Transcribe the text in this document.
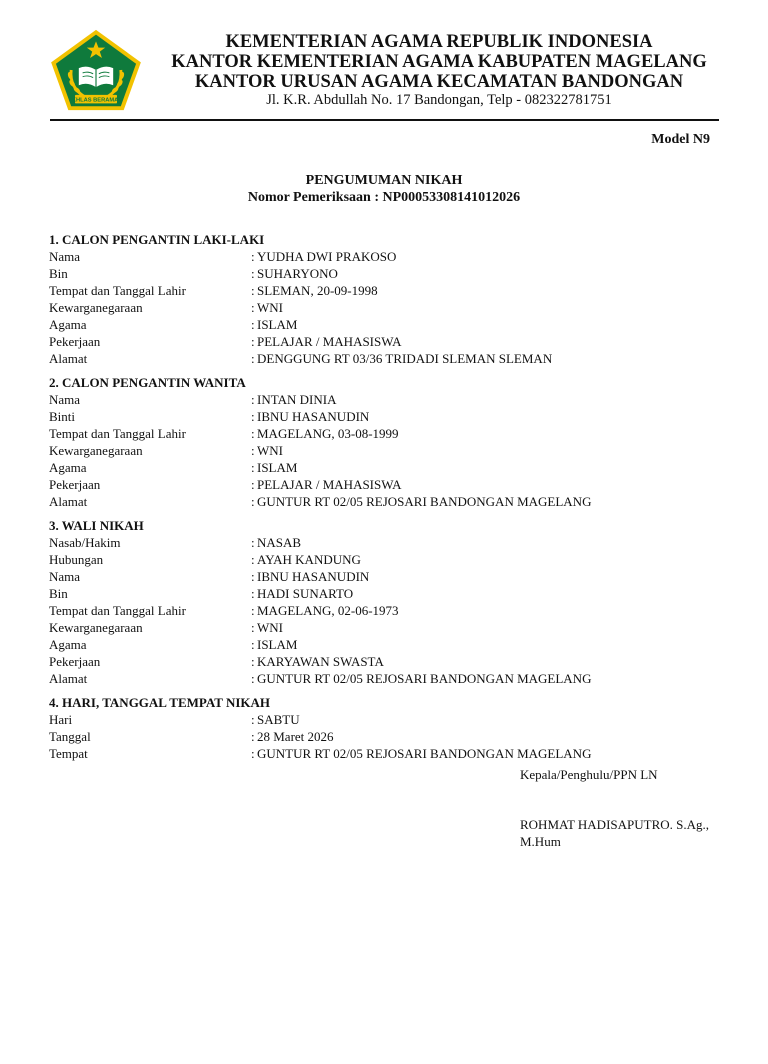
IKHLAS BERAMAL
KEMENTERIAN AGAMA REPUBLIK INDONESIA
KANTOR KEMENTERIAN AGAMA KABUPATEN MAGELANG
KANTOR URUSAN AGAMA KECAMATAN BANDONGAN
Jl. K.R. Abdullah No. 17 Bandongan, Telp - 082322781751
Model N9
PENGUMUMAN NIKAH
Nomor Pemeriksaan : NP00053308141012026
1. CALON PENGANTIN LAKI-LAKI
Nama	: YUDHA DWI PRAKOSO
Bin	: SUHARYONO
Tempat dan Tanggal Lahir	: SLEMAN, 20-09-1998
Kewarganegaraan	: WNI
Agama	: ISLAM
Pekerjaan	: PELAJAR / MAHASISWA
Alamat	: DENGGUNG RT 03/36 TRIDADI SLEMAN SLEMAN
2. CALON PENGANTIN WANITA
Nama	: INTAN DINIA
Binti	: IBNU HASANUDIN
Tempat dan Tanggal Lahir	: MAGELANG, 03-08-1999
Kewarganegaraan	: WNI
Agama	: ISLAM
Pekerjaan	: PELAJAR / MAHASISWA
Alamat	: GUNTUR RT 02/05 REJOSARI BANDONGAN MAGELANG
3. WALI NIKAH
Nasab/Hakim	: NASAB
Hubungan	: AYAH KANDUNG
Nama	: IBNU HASANUDIN
Bin	: HADI SUNARTO
Tempat dan Tanggal Lahir	: MAGELANG, 02-06-1973
Kewarganegaraan	: WNI
Agama	: ISLAM
Pekerjaan	: KARYAWAN SWASTA
Alamat	: GUNTUR RT 02/05 REJOSARI BANDONGAN MAGELANG
4. HARI, TANGGAL TEMPAT NIKAH
Hari	: SABTU
Tanggal	: 28 Maret 2026
Tempat	: GUNTUR RT 02/05 REJOSARI BANDONGAN MAGELANG
Kepala/Penghulu/PPN LN
ROHMAT HADISAPUTRO. S.Ag.,
M.Hum
